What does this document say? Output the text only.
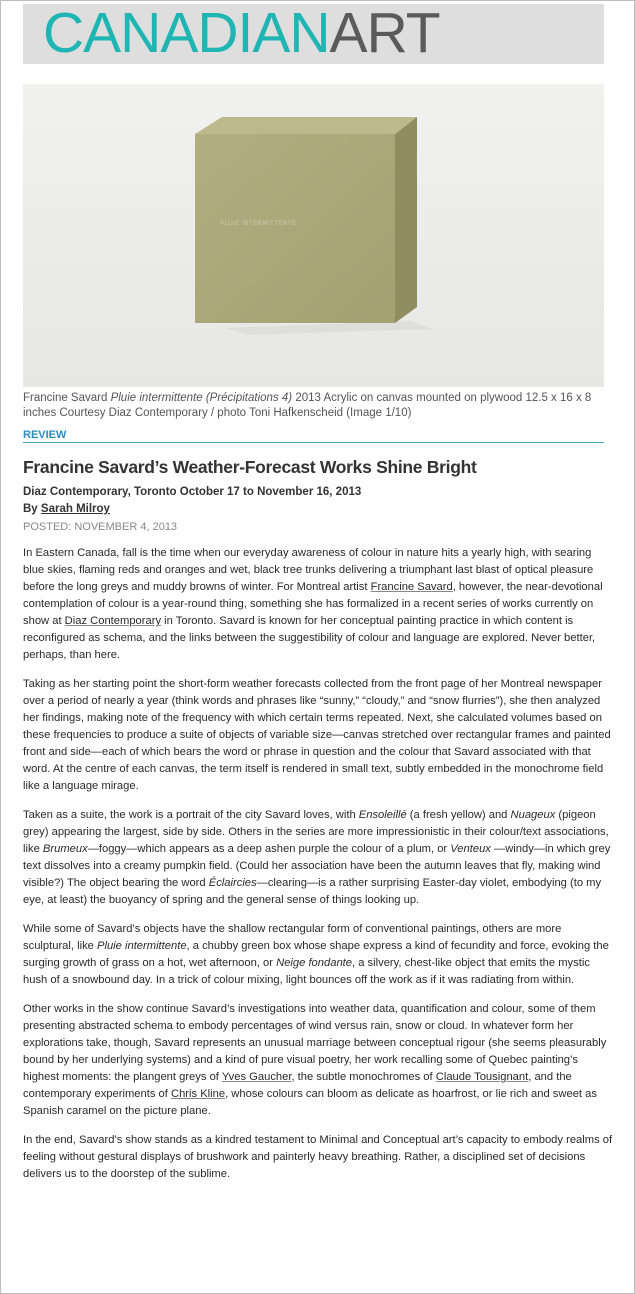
CANADIANART
PLUIE INTERMITTENTE
Francine Savard Pluie intermittente (Précipitations 4) 2013 Acrylic on canvas mounted on plywood 12.5 x 16 x 8 inches Courtesy Diaz Contemporary / photo Toni Hafkenscheid (Image 1/10)
REVIEW
Francine Savard’s Weather-Forecast Works Shine Bright
Diaz Contemporary, Toronto October 17 to November 16, 2013
By Sarah Milroy
POSTED: NOVEMBER 4, 2013

In Eastern Canada, fall is the time when our everyday awareness of colour in nature hits a yearly high, with searing blue skies, flaming reds and oranges and wet, black tree trunks delivering a triumphant last blast of optical pleasure before the long greys and muddy browns of winter. For Montreal artist Francine Savard, however, the near-devotional contemplation of colour is a year-round thing, something she has formalized in a recent series of works currently on show at Diaz Contemporary in Toronto. Savard is known for her conceptual painting practice in which content is reconfigured as schema, and the links between the suggestibility of colour and language are explored. Never better, perhaps, than here.

Taking as her starting point the short-form weather forecasts collected from the front page of her Montreal newspaper over a period of nearly a year (think words and phrases like “sunny,” “cloudy,” and “snow flurries”), she then analyzed her findings, making note of the frequency with which certain terms repeated. Next, she calculated volumes based on these frequencies to produce a suite of objects of variable size—canvas stretched over rectangular frames and painted front and side—each of which bears the word or phrase in question and the colour that Savard associated with that word. At the centre of each canvas, the term itself is rendered in small text, subtly embedded in the monochrome field like a language mirage.

Taken as a suite, the work is a portrait of the city Savard loves, with Ensoleillé (a fresh yellow) and Nuageux (pigeon grey) appearing the largest, side by side. Others in the series are more impressionistic in their colour/text associations, like Brumeux—foggy—which appears as a deep ashen purple the colour of a plum, or Venteux —windy—in which grey text dissolves into a creamy pumpkin field. (Could her association have been the autumn leaves that fly, making wind visible?) The object bearing the word Éclaircies—clearing—is a rather surprising Easter-day violet, embodying (to my eye, at least) the buoyancy of spring and the general sense of things looking up.

While some of Savard’s objects have the shallow rectangular form of conventional paintings, others are more sculptural, like Pluie intermittente, a chubby green box whose shape express a kind of fecundity and force, evoking the surging growth of grass on a hot, wet afternoon, or Neige fondante, a silvery, chest-like object that emits the mystic hush of a snowbound day. In a trick of colour mixing, light bounces off the work as if it was radiating from within.

Other works in the show continue Savard’s investigations into weather data, quantification and colour, some of them presenting abstracted schema to embody percentages of wind versus rain, snow or cloud. In whatever form her explorations take, though, Savard represents an unusual marriage between conceptual rigour (she seems pleasurably bound by her underlying systems) and a kind of pure visual poetry, her work recalling some of Quebec painting’s highest moments: the plangent greys of Yves Gaucher, the subtle monochromes of Claude Tousignant, and the contemporary experiments of Chris Kline, whose colours can bloom as delicate as hoarfrost, or lie rich and sweet as Spanish caramel on the picture plane.

In the end, Savard’s show stands as a kindred testament to Minimal and Conceptual art’s capacity to embody realms of feeling without gestural displays of brushwork and painterly heavy breathing. Rather, a disciplined set of decisions delivers us to the doorstep of the sublime.
